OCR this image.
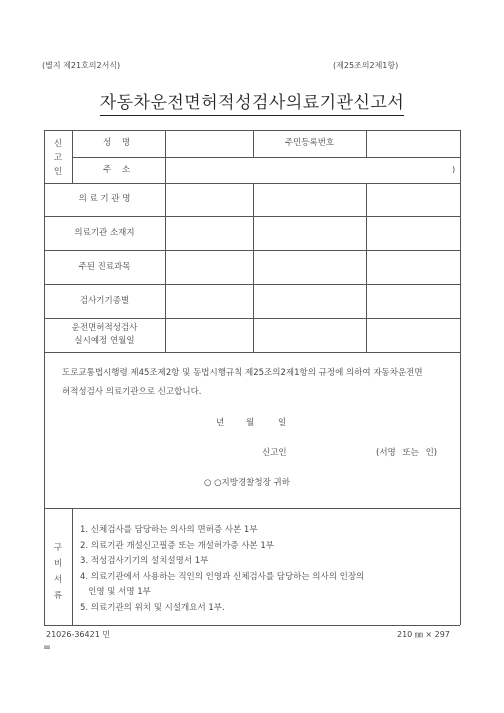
(별지 제21호의2서식)	(제25조의2제1항)
자동차운전면허적성검사의료기관신고서
신
고
인
성 명	주민등록번호
주 소	)
의 료 기 관 명
의료기관 소재지
주된 진료과목
검사기기종별
운전면허적성검사
실시예정 연월일
도로교통법시행령 제45조제2항 및 동법시행규칙 제25조의2제1항의 규정에 의하여 자동차운전면
허적성검사 의료기관으로 신고합니다.
년	월	일
신고인	(서명 또는 인)
○ ○지방경찰청장 귀하
구
비
서
류
1. 신체검사를 담당하는 의사의 면허증 사본 1부
2. 의료기관 개설신고필증 또는 개설허가증 사본 1부
3. 적성검사기기의 설치설명서 1부
4. 의료기관에서 사용하는 직인의 인영과 신체검사를 담당하는 의사의 인장의
인영 및 서명 1부
5. 의료기관의 위치 및 시설개요서 1부.
21026-36421 민	210 ㎜ × 297
㎜
